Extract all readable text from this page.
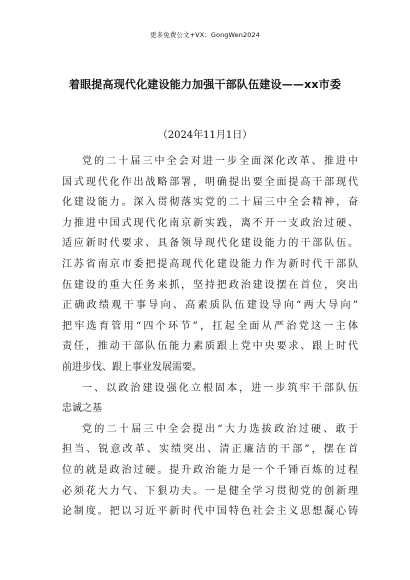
更多免费公文+VX：GongWen2024
着眼提高现代化建设能力加强干部队伍建设——xx市委
（2024年11月1日）
党的二十届三中全会对进一步全面深化改革、推进中
国式现代化作出战略部署，明确提出要全面提高干部现代
化建设能力。深入贯彻落实党的二十届三中全会精神，奋
力推进中国式现代化南京新实践，离不开一支政治过硬、
适应新时代要求、具备领导现代化建设能力的干部队伍。
江苏省南京市委把提高现代化建设能力作为新时代干部队
伍建设的重大任务来抓，坚持把政治建设摆在首位，突出
正确政绩观干事导向、高素质队伍建设导向“两大导向”
把牢选育管用“四个环节”，扛起全面从严治党这一主体
责任，推动干部队伍能力素质跟上党中央要求、跟上时代
前进步伐、跟上事业发展需要。
一、以政治建设强化立根固本，进一步筑牢干部队伍
忠诚之基
党的二十届三中全会提出“大力选拔政治过硬、敢于
担当、锐意改革、实绩突出、清正廉洁的干部”，摆在首
位的就是政治过硬。提升政治能力是一个千锤百炼的过程
必须花大力气、下狠功夫。一是健全学习贯彻党的创新理
论制度。把以习近平新时代中国特色社会主义思想凝心铸
